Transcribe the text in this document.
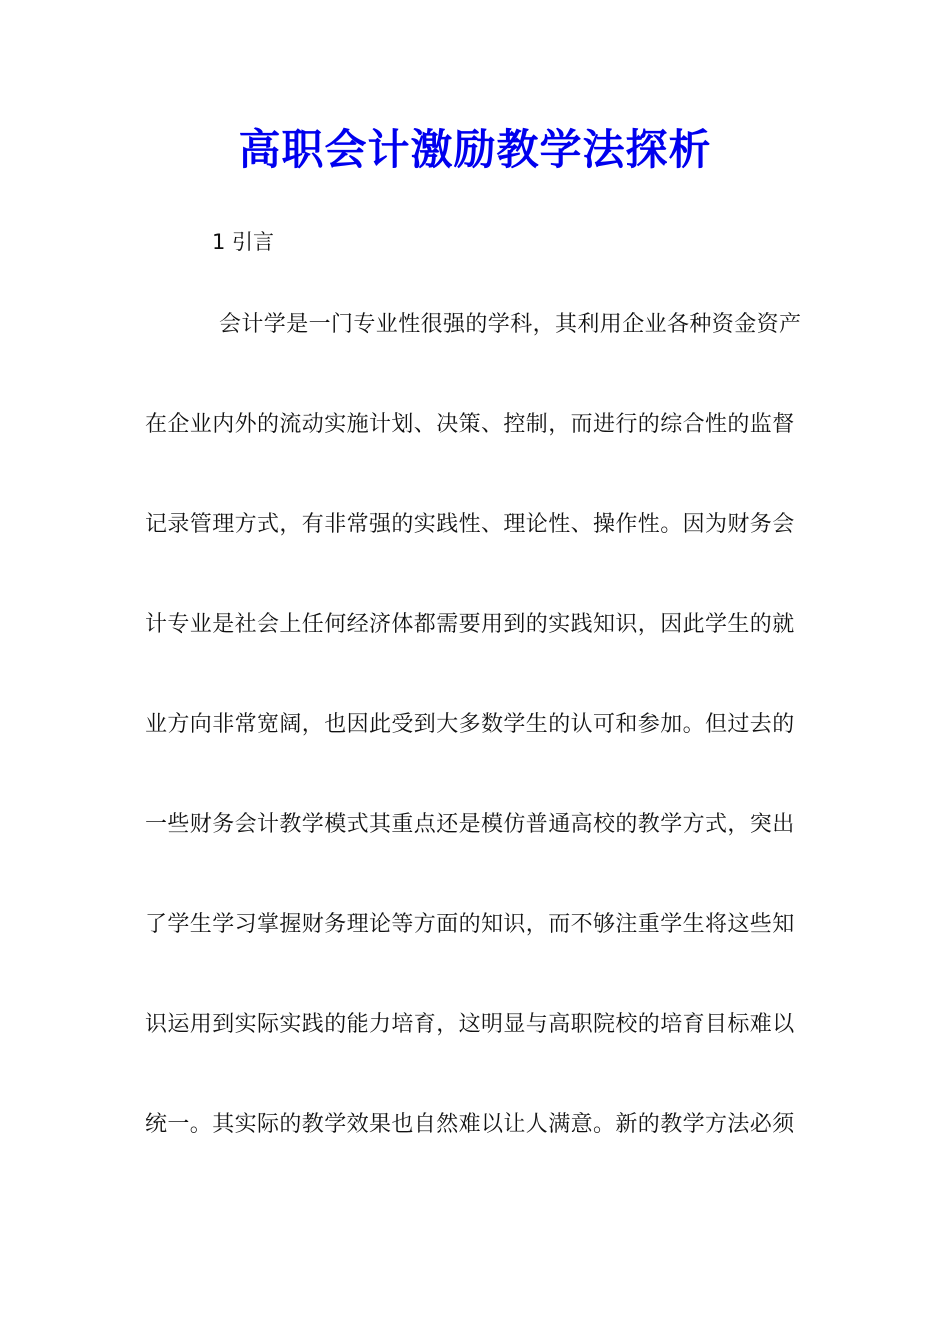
高职会计激励教学法探析

1 引言

会计学是一门专业性很强的学科，其利用企业各种资金资产
在企业内外的流动实施计划、决策、控制，而进行的综合性的监督
记录管理方式，有非常强的实践性、理论性、操作性。因为财务会
计专业是社会上任何经济体都需要用到的实践知识，因此学生的就
业方向非常宽阔，也因此受到大多数学生的认可和参加。但过去的
一些财务会计教学模式其重点还是模仿普通高校的教学方式，突出
了学生学习掌握财务理论等方面的知识，而不够注重学生将这些知
识运用到实际实践的能力培育，这明显与高职院校的培育目标难以
统一。其实际的教学效果也自然难以让人满意。新的教学方法必须
